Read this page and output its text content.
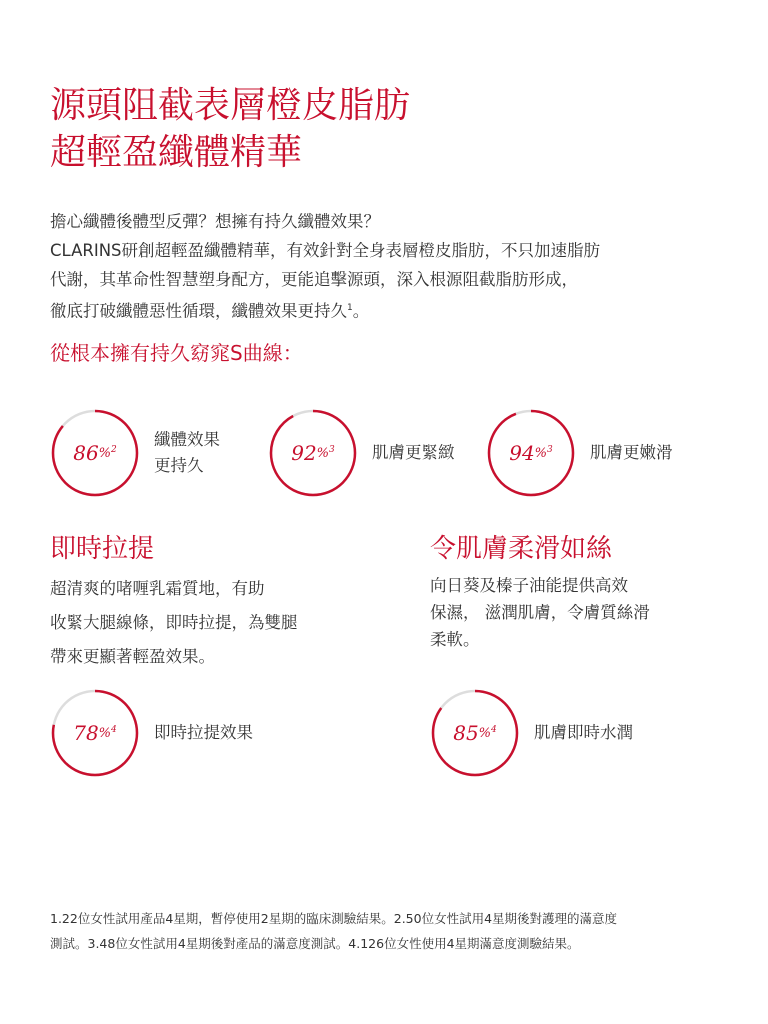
源頭阻截表層橙皮脂肪
超輕盈纖體精華

擔心纖體後體型反彈？想擁有持久纖體效果？
CLARINS研創超輕盈纖體精華，有效針對全身表層橙皮脂肪，不只加速脂肪
代謝，其革命性智慧塑身配方，更能追擊源頭，深入根源阻截脂肪形成，
徹底打破纖體惡性循環，纖體效果更持久$^1$。

從根本擁有持久窈窕S曲線：
86 %$^2$
纖體效果
更持久
92 %$^3$ 肌膚更緊緻	94 %$^3$ 肌膚更嫩滑
即時拉提
超清爽的啫喱乳霜質地，有助
收緊大腿線條，即時拉提，為雙腿
帶來更顯著輕盈效果。
令肌膚柔滑如絲
向日葵及榛子油能提供高效
保濕， 滋潤肌膚，令膚質絲滑
柔軟。
78 %$^4$ 即時拉提效果	85 %$^4$ 肌膚即時水潤

1.22位女性試用產品4星期，暫停使用2星期的臨床測驗結果。2.50位女性試用4星期後對護理的滿意度
測試。3.48位女性試用4星期後對產品的滿意度測試。4.126位女性使用4星期滿意度測驗結果。
